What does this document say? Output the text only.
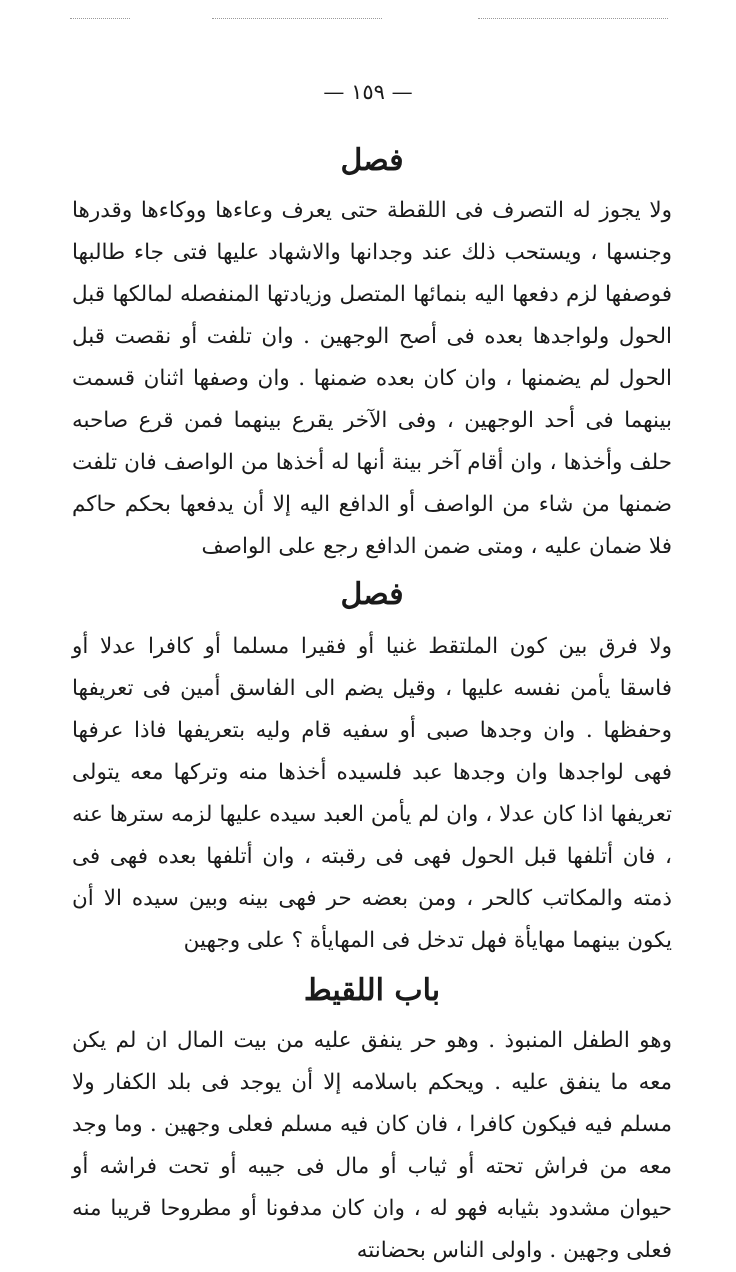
— ١٥٩ —
فصل

ولا يجوز له التصرف فى اللقطة حتى يعرف وعاءها ووكاءها وقدرها وجنسها ، ويستحب ذلك عند وجدانها والاشهاد عليها فتى جاء طالبها فوصفها لزم دفعها اليه بنمائها المتصل وزيادتها المنفصله لمالكها قبل الحول ولواجدها بعده فى أصح الوجهين . وان تلفت أو نقصت قبل الحول لم يضمنها ، وان كان بعده ضمنها . وان وصفها اثنان قسمت بينهما فى أحد الوجهين ، وفى الآخر يقرع بينهما فمن قرع صاحبه حلف وأخذها ، وان أقام آخر بينة أنها له أخذها من الواصف فان تلفت ضمنها من شاء من الواصف أو الدافع اليه إلا أن يدفعها بحكم حاكم فلا ضمان عليه ، ومتى ضمن الدافع رجع على الواصف

فصل

ولا فرق بين كون الملتقط غنيا أو فقيرا مسلما أو كافرا عدلا أو فاسقا يأمن نفسه عليها ، وقيل يضم الى الفاسق أمين فى تعريفها وحفظها . وان وجدها صبى أو سفيه قام وليه بتعريفها فاذا عرفها فهى لواجدها وان وجدها عبد فلسيده أخذها منه وتركها معه يتولى تعريفها اذا كان عدلا ، وان لم يأمن العبد سيده عليها لزمه سترها عنه ، فان أتلفها قبل الحول فهى فى رقبته ، وان أتلفها بعده فهى فى ذمته والمكاتب كالحر ، ومن بعضه حر فهى بينه وبين سيده الا أن يكون بينهما مهايأة فهل تدخل فى المهايأة ؟ على وجهين

باب اللقيط

وهو الطفل المنبوذ . وهو حر ينفق عليه من بيت المال ان لم يكن معه ما ينفق عليه . ويحكم باسلامه إلا أن يوجد فى بلد الكفار ولا مسلم فيه فيكون كافرا ، فان كان فيه مسلم فعلى وجهين . وما وجد معه من فراش تحته أو ثياب أو مال فى جيبه أو تحت فراشه أو حيوان مشدود بثيابه فهو له ، وان كان مدفونا أو مطروحا قريبا منه فعلى وجهين . واولى الناس بحضانته
